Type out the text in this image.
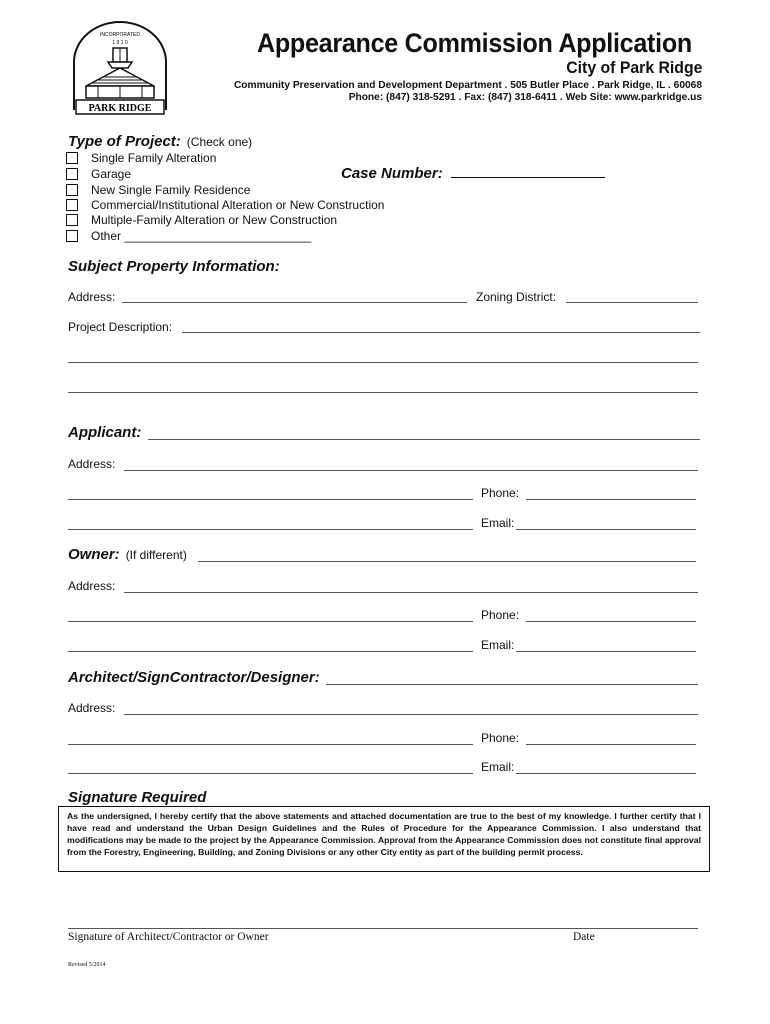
INCORPORATED
1 9 1 0
PARK RIDGE
Appearance Commission Application
City of Park Ridge
Community Preservation and Development Department . 505 Butler Place . Park Ridge, IL . 60068
Phone: (847) 318-5291 . Fax: (847) 318-6411 . Web Site: www.parkridge.us
Type of Project: (Check one)
Single Family Alteration
Garage
New Single Family Residence
Commercial/Institutional Alteration or New Construction
Multiple-Family Alteration or New Construction
Other ____________________________
Case Number:
Subject Property Information:
Address:	Zoning District:
Project Description:
Applicant:
Address:
Phone:
Email:
Owner: (If different)
Address:
Phone:
Email:
Architect/SignContractor/Designer:
Address:
Phone:
Email:
Signature Required
As the undersigned, I hereby certify that the above statements and attached documentation are true to the best of my knowledge. I further certify that I have read and understand the Urban Design Guidelines and the Rules of Procedure for the Appearance Commission. I also understand that modifications may be made to the project by the Appearance Commission. Approval from the Appearance Commission does not constitute final approval from the Forestry, Engineering, Building, and Zoning Divisions or any other City entity as part of the building permit process.
Signature of Architect/Contractor or Owner	Date
Revised 5/2014
